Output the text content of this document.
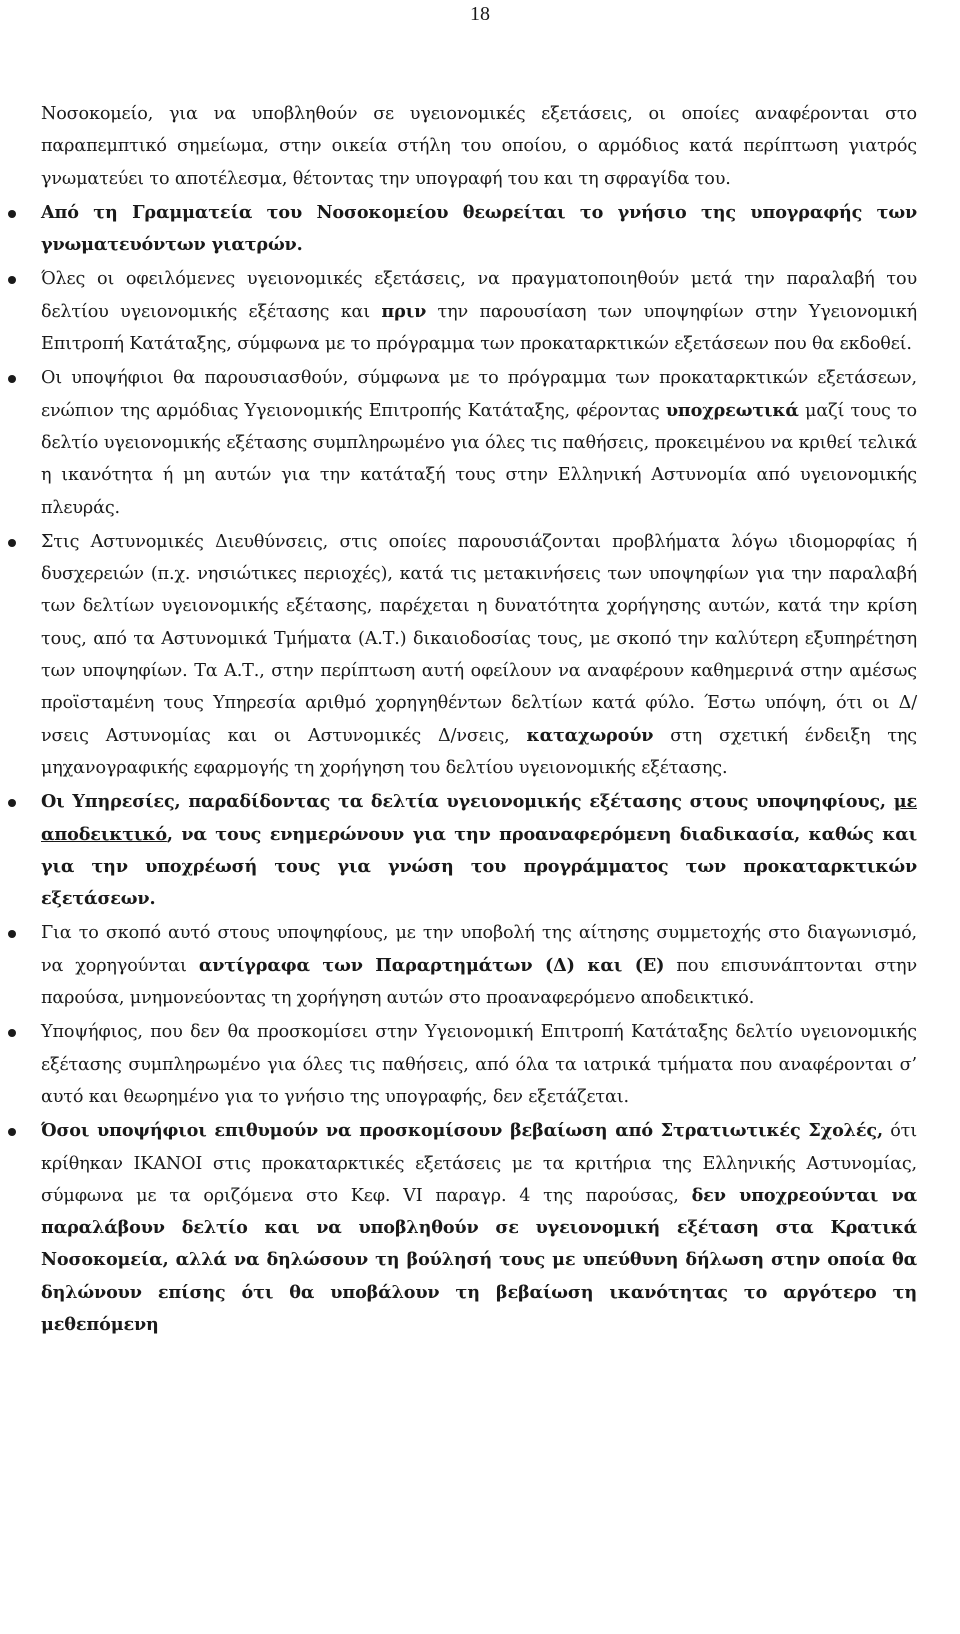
18

Νοσοκομείο, για να υποβληθούν σε υγειονομικές εξετάσεις, οι οποίες αναφέρονται στο παραπεμπτικό σημείωμα, στην οικεία στήλη του οποίου, ο αρμόδιος κατά περίπτωση γιατρός γνωματεύει το αποτέλεσμα, θέτοντας την υπογραφή του και τη σφραγίδα του.

Από τη Γραμματεία του Νοσοκομείου θεωρείται το γνήσιο της υπογραφής των γνωματευόντων γιατρών.

Όλες οι οφειλόμενες υγειονομικές εξετάσεις, να πραγματοποιηθούν μετά την παραλαβή του δελτίου υγειονομικής εξέτασης και πριν την παρουσίαση των υποψηφίων στην Υγειονομική Επιτροπή Κατάταξης, σύμφωνα με το πρόγραμμα των προκαταρκτικών εξετάσεων που θα εκδοθεί.

Οι υποψήφιοι θα παρουσιασθούν, σύμφωνα με το πρόγραμμα των προκαταρκτικών εξετάσεων, ενώπιον της αρμόδιας Υγειονομικής Επιτροπής Κατάταξης, φέροντας υποχρεωτικά μαζί τους το δελτίο υγειονομικής εξέτασης συμπληρωμένο για όλες τις παθήσεις, προκειμένου να κριθεί τελικά η ικανότητα ή μη αυτών για την κατάταξή τους στην Ελληνική Αστυνομία από υγειονομικής πλευράς.

Στις Αστυνομικές Διευθύνσεις, στις οποίες παρουσιάζονται προβλήματα λόγω ιδιομορφίας ή δυσχερειών (π.χ. νησιώτικες περιοχές), κατά τις μετακινήσεις των υποψηφίων για την παραλαβή των δελτίων υγειονομικής εξέτασης, παρέχεται η δυνατότητα χορήγησης αυτών, κατά την κρίση τους, από τα Αστυνομικά Τμήματα (Α.Τ.) δικαιοδοσίας τους, με σκοπό την καλύτερη εξυπηρέτηση των υποψηφίων. Τα Α.Τ., στην περίπτωση αυτή οφείλουν να αναφέρουν καθημερινά στην αμέσως προϊσταμένη τους Υπηρεσία αριθμό χορηγηθέντων δελτίων κατά φύλο. Έστω υπόψη, ότι οι Δ/νσεις Αστυνομίας και οι Αστυνομικές Δ/νσεις, καταχωρούν στη σχετική ένδειξη της μηχανογραφικής εφαρμογής τη χορήγηση του δελτίου υγειονομικής εξέτασης.

Οι Υπηρεσίες, παραδίδοντας τα δελτία υγειονομικής εξέτασης στους υποψηφίους, με αποδεικτικό, να τους ενημερώνουν για την προαναφερόμενη διαδικασία, καθώς και για την υποχρέωσή τους για γνώση του προγράμματος των προκαταρκτικών εξετάσεων.

Για το σκοπό αυτό στους υποψηφίους, με την υποβολή της αίτησης συμμετοχής στο διαγωνισμό, να χορηγούνται αντίγραφα των Παραρτημάτων (Δ) και (Ε) που επισυνάπτονται στην παρούσα, μνημονεύοντας τη χορήγηση αυτών στο προαναφερόμενο αποδεικτικό.

Υποψήφιος, που δεν θα προσκομίσει στην Υγειονομική Επιτροπή Κατάταξης δελτίο υγειονομικής εξέτασης συμπληρωμένο για όλες τις παθήσεις, από όλα τα ιατρικά τμήματα που αναφέρονται σ’ αυτό και θεωρημένο για το γνήσιο της υπογραφής, δεν εξετάζεται.

Όσοι υποψήφιοι επιθυμούν να προσκομίσουν βεβαίωση από Στρατιωτικές Σχολές, ότι κρίθηκαν ΙΚΑΝΟΙ στις προκαταρκτικές εξετάσεις με τα κριτήρια της Ελληνικής Αστυνομίας, σύμφωνα με τα οριζόμενα στο Κεφ. VI παραγρ. 4 της παρούσας, δεν υποχρεούνται να παραλάβουν δελτίο και να υποβληθούν σε υγειονομική εξέταση στα Κρατικά Νοσοκομεία, αλλά να δηλώσουν τη βούλησή τους με υπεύθυνη δήλωση στην οποία θα δηλώνουν επίσης ότι θα υποβάλουν τη βεβαίωση ικανότητας το αργότερο τη μεθεπόμενη
